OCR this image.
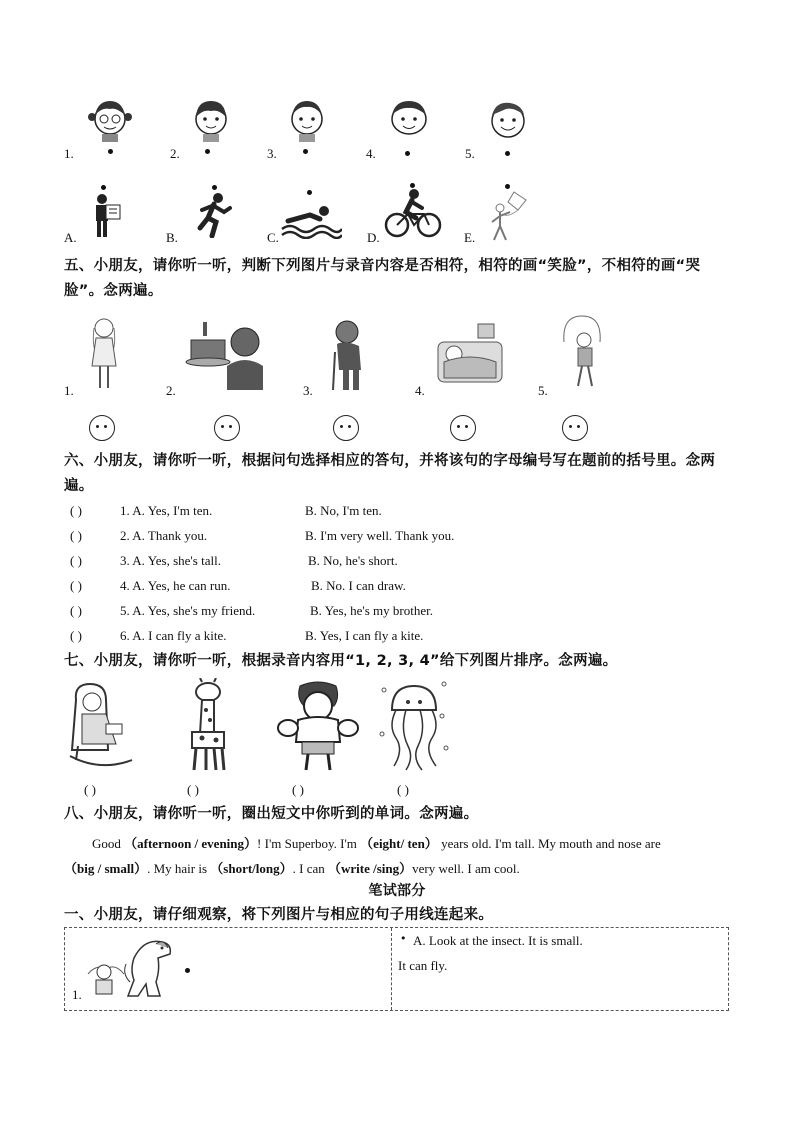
1.	2.	3.	4.	5.
A.	B.	C.	D.	E.
五、小朋友，请你听一听，判断下列图片与录音内容是否相符，相符的画“笑脸”，不相符的画“哭脸”。念两遍。
1.	2.	3.	4.	5.
六、小朋友，请你听一听，根据问句选择相应的答句，并将该句的字母编号写在题前的括号里。念两遍。
( )	1. A. Yes, I'm ten.	B. No, I'm ten.
( )	2. A. Thank you.	B. I'm very well. Thank you.
( )	3. A. Yes, she's tall.	B. No, he's short.
( )	4. A. Yes, he can run.	B. No. I can draw.
( )	5. A. Yes, she's my friend.	B. Yes, he's my brother.
( )	6. A. I can fly a kite.	B. Yes, I can fly a kite.
七、小朋友，请你听一听，根据录音内容用“1, 2, 3, 4”给下列图片排序。念两遍。
( )	( )	( )	( )
八、小朋友，请你听一听，圈出短文中你听到的单词。念两遍。
Good （afternoon / evening）! I'm Superboy. I'm （eight/ ten） years old. I'm tall. My mouth and nose are
（big / small）. My hair is （short/long）. I can （write /sing）very well. I am cool.
笔试部分
一、小朋友，请仔细观察，将下列图片与相应的句子用线连起来。
1.
• A. Look at the insect. It is small.
It can fly.
